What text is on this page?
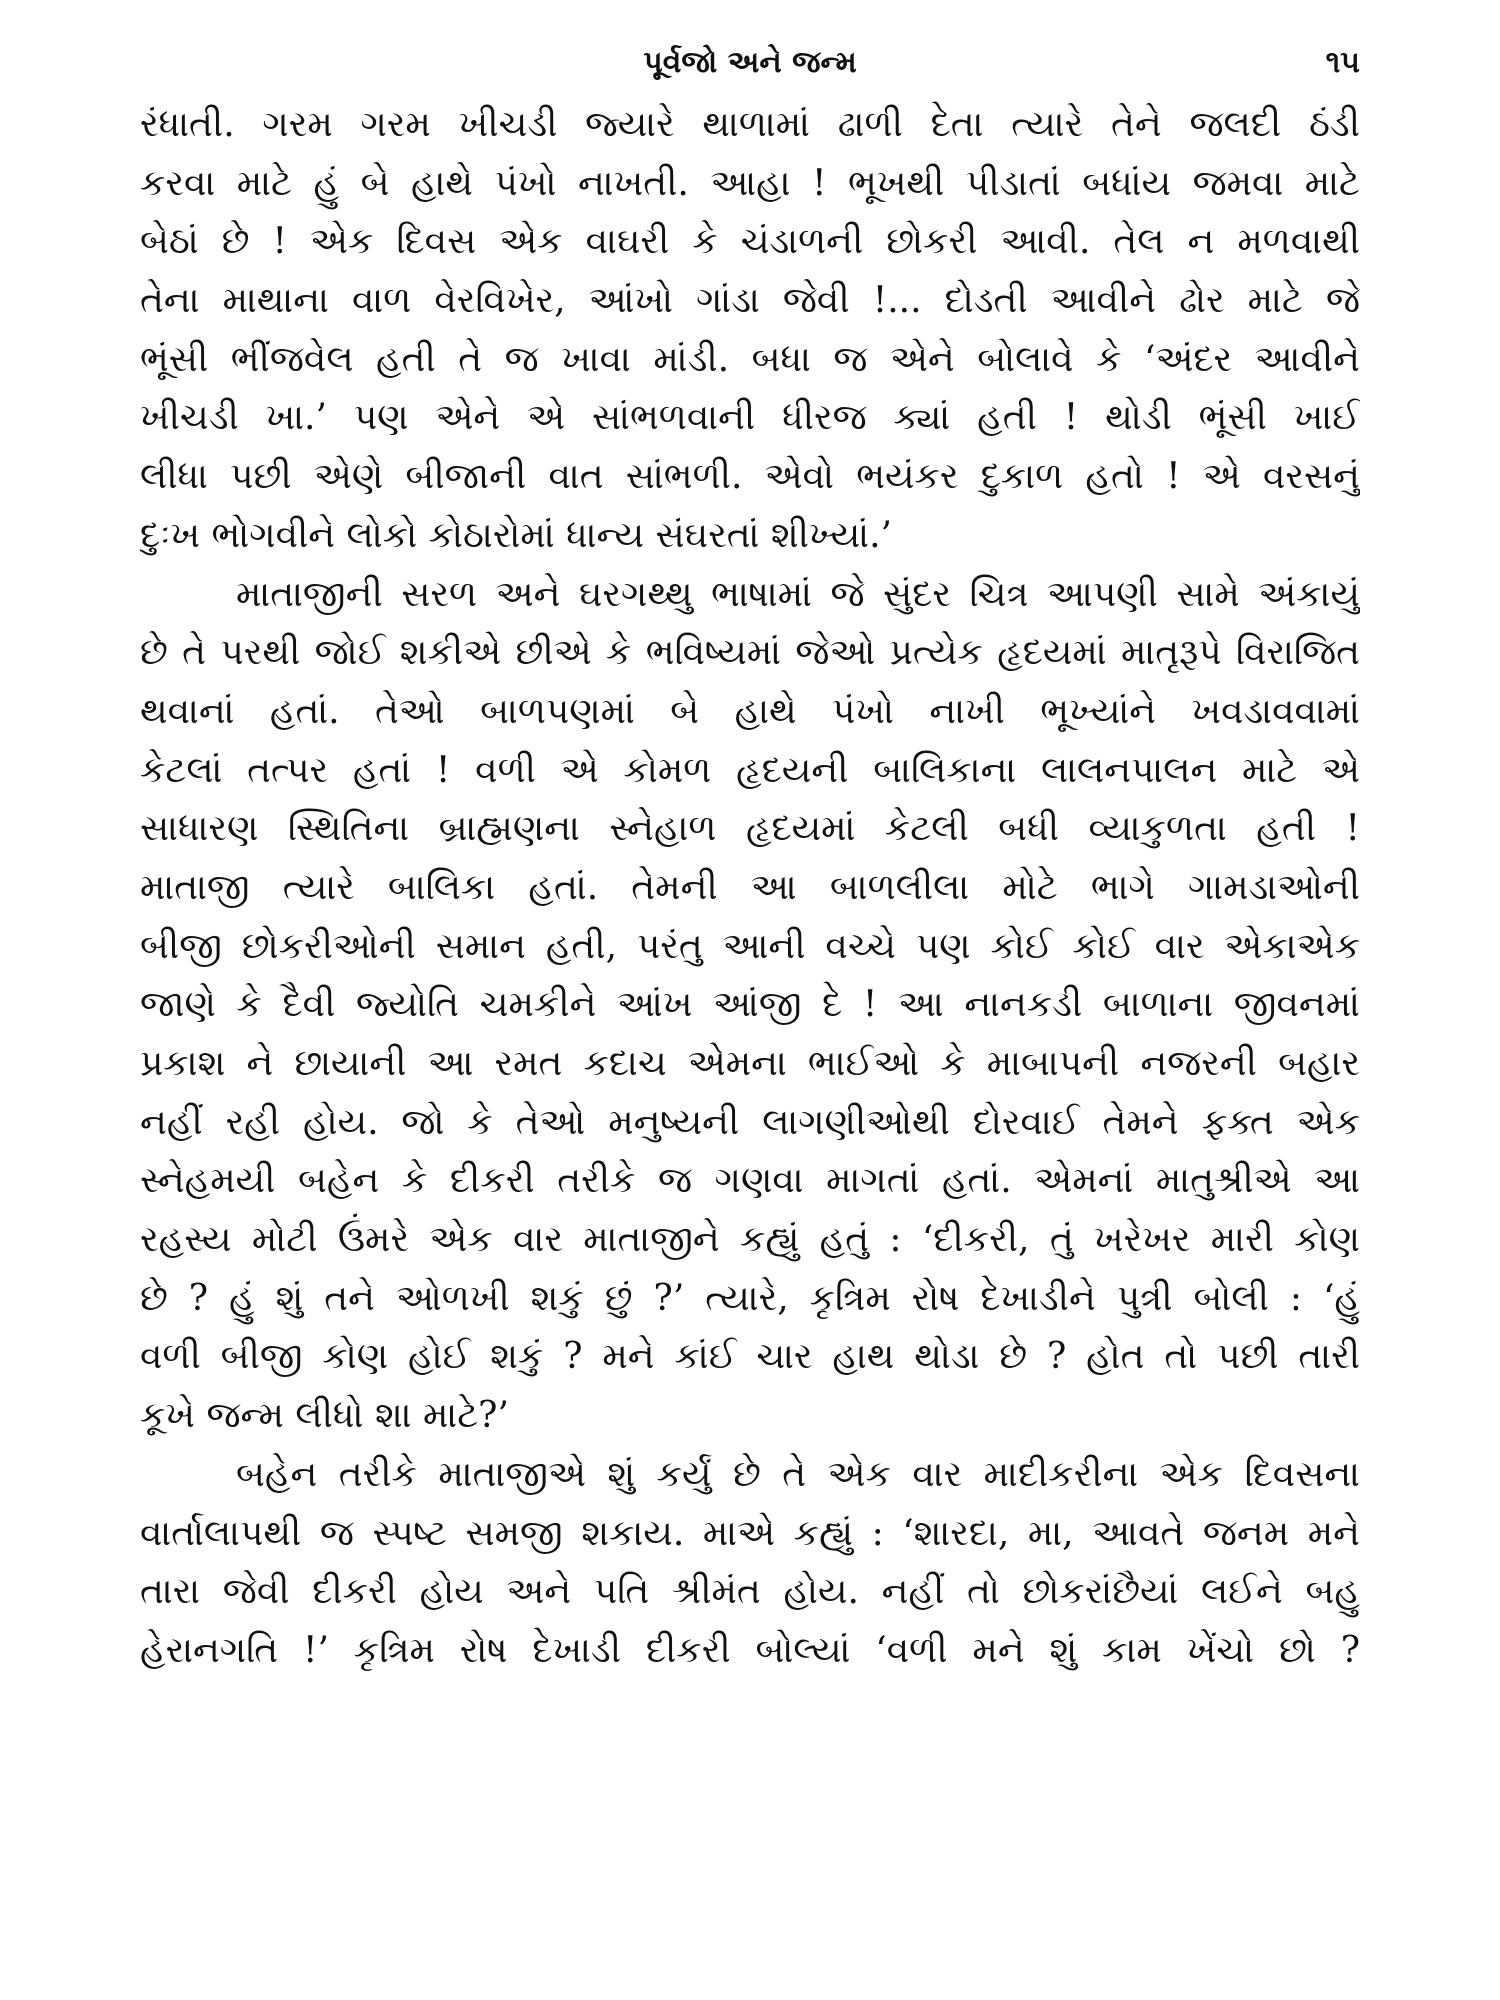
પૂર્વજો અને જન્મ	૧૫
રંધાતી. ગરમ ગરમ ખીચડી જ્યારે થાળામાં ઢાળી દેતા ત્યારે તેને જલદી ઠંડી
કરવા માટે હું બે હાથે પંખો નાખતી. આહા ! ભૂખથી પીડાતાં બધાંય જમવા માટે
બેઠાં છે ! એક દિવસ એક વાઘરી કે ચંડાળની છોકરી આવી. તેલ ન મળવાથી
તેના માથાના વાળ વેરવિખેર, આંખો ગાંડા જેવી !... દોડતી આવીને ઢોર માટે જે
ભૂંસી ભીંજવેલ હતી તે જ ખાવા માંડી. બધા જ એને બોલાવે કે ‘અંદર આવીને
ખીચડી ખા.’ પણ એને એ સાંભળવાની ધીરજ ક્યાં હતી ! થોડી ભૂંસી ખાઈ
લીધા પછી એણે બીજાની વાત સાંભળી. એવો ભયંકર દુકાળ હતો ! એ વરસનું
દુઃખ ભોગવીને લોકો કોઠારોમાં ધાન્ય સંઘરતાં શીખ્યાં.’
માતાજીની સરળ અને ઘરગથ્થુ ભાષામાં જે સુંદર ચિત્ર આપણી સામે અંકાયું
છે તે પરથી જોઈ શકીએ છીએ કે ભવિષ્યમાં જેઓ પ્રત્યેક હૃદયમાં માતૃરૂપે વિરાજિત
થવાનાં હતાં. તેઓ બાળપણમાં બે હાથે પંખો નાખી ભૂખ્યાંને ખવડાવવામાં
કેટલાં તત્પર હતાં ! વળી એ કોમળ હૃદયની બાલિકાના લાલનપાલન માટે એ
સાધારણ સ્થિતિના બ્રાહ્મણના સ્નેહાળ હૃદયમાં કેટલી બધી વ્યાકુળતા હતી !
માતાજી ત્યારે બાલિકા હતાં. તેમની આ બાળલીલા મોટે ભાગે ગામડાઓની
બીજી છોકરીઓની સમાન હતી, પરંતુ આની વચ્ચે પણ કોઈ કોઈ વાર એકાએક
જાણે કે દૈવી જ્યોતિ ચમકીને આંખ આંજી દે ! આ નાનકડી બાળાના જીવનમાં
પ્રકાશ ને છાયાની આ રમત કદાચ એમના ભાઈઓ કે માબાપની નજરની બહાર
નહીં રહી હોય. જો કે તેઓ મનુષ્યની લાગણીઓથી દોરવાઈ તેમને ફક્ત એક
સ્નેહમયી બહેન કે દીકરી તરીકે જ ગણવા માગતાં હતાં. એમનાં માતુશ્રીએ આ
રહસ્ય મોટી ઉંમરે એક વાર માતાજીને કહ્યું હતું : ‘દીકરી, તું ખરેખર મારી કોણ
છે ? હું શું તને ઓળખી શકું છું ?’ ત્યારે, કૃત્રિમ રોષ દેખાડીને પુત્રી બોલી : ‘હું
વળી બીજી કોણ હોઈ શકું ? મને કાંઈ ચાર હાથ થોડા છે ? હોત તો પછી તારી
કૂખે જન્મ લીધો શા માટે?’
બહેન તરીકે માતાજીએ શું કર્યું છે તે એક વાર માદીકરીના એક દિવસના
વાર્તાલાપથી જ સ્પષ્ટ સમજી શકાય. માએ કહ્યું : ‘શારદા, મા, આવતે જનમ મને
તારા જેવી દીકરી હોય અને પતિ શ્રીમંત હોય. નહીં તો છોકરાંછૈયાં લઈને બહુ
હેરાનગતિ !’ કૃત્રિમ રોષ દેખાડી દીકરી બોલ્યાં ‘વળી મને શું કામ ખેંચો છો ?
